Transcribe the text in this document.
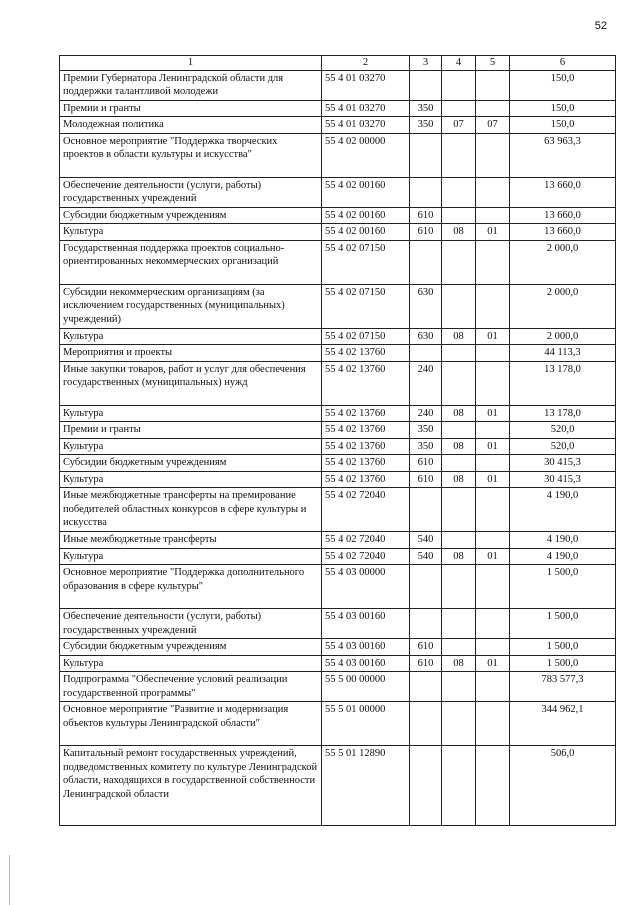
52
1	2	3	4	5	6
Премии Губернатора Ленинградской области для поддержки талантливой молодежи	55 4 01 03270				150,0
Премии и гранты	55 4 01 03270	350			150,0
Молодежная политика	55 4 01 03270	350	07	07	150,0
Основное мероприятие "Поддержка творческих проектов в области культуры и искусства"	55 4 02 00000				63 963,3
Обеспечение деятельности (услуги, работы) государственных учреждений	55 4 02 00160				13 660,0
Субсидии бюджетным учреждениям	55 4 02 00160	610			13 660,0
Культура	55 4 02 00160	610	08	01	13 660,0
Государственная поддержка проектов социально-ориентированных некоммерческих организаций	55 4 02 07150				2 000,0
Субсидии некоммерческим организациям (за исключением государственных (муниципальных) учреждений)	55 4 02 07150	630			2 000,0
Культура	55 4 02 07150	630	08	01	2 000,0
Мероприятия и проекты	55 4 02 13760				44 113,3
Иные закупки товаров, работ и услуг для обеспечения государственных (муниципальных) нужд	55 4 02 13760	240			13 178,0
Культура	55 4 02 13760	240	08	01	13 178,0
Премии и гранты	55 4 02 13760	350			520,0
Культура	55 4 02 13760	350	08	01	520,0
Субсидии бюджетным учреждениям	55 4 02 13760	610			30 415,3
Культура	55 4 02 13760	610	08	01	30 415,3
Иные межбюджетные трансферты на премирование победителей областных конкурсов в сфере культуры и искусства	55 4 02 72040				4 190,0
Иные межбюджетные трансферты	55 4 02 72040	540			4 190,0
Культура	55 4 02 72040	540	08	01	4 190,0
Основное мероприятие "Поддержка дополнительного образования в сфере культуры"	55 4 03 00000				1 500,0
Обеспечение деятельности (услуги, работы) государственных учреждений	55 4 03 00160				1 500,0
Субсидии бюджетным учреждениям	55 4 03 00160	610			1 500,0
Культура	55 4 03 00160	610	08	01	1 500,0
Подпрограмма "Обеспечение условий реализации государственной программы"	55 5 00 00000				783 577,3
Основное мероприятие "Развитие и модернизация объектов культуры Ленинградской области"	55 5 01 00000				344 962,1
Капитальный ремонт государственных учреждений, подведомственных комитету по культуре Ленинградской области, находящихся в государственной собственности Ленинградской области	55 5 01 12890				506,0
